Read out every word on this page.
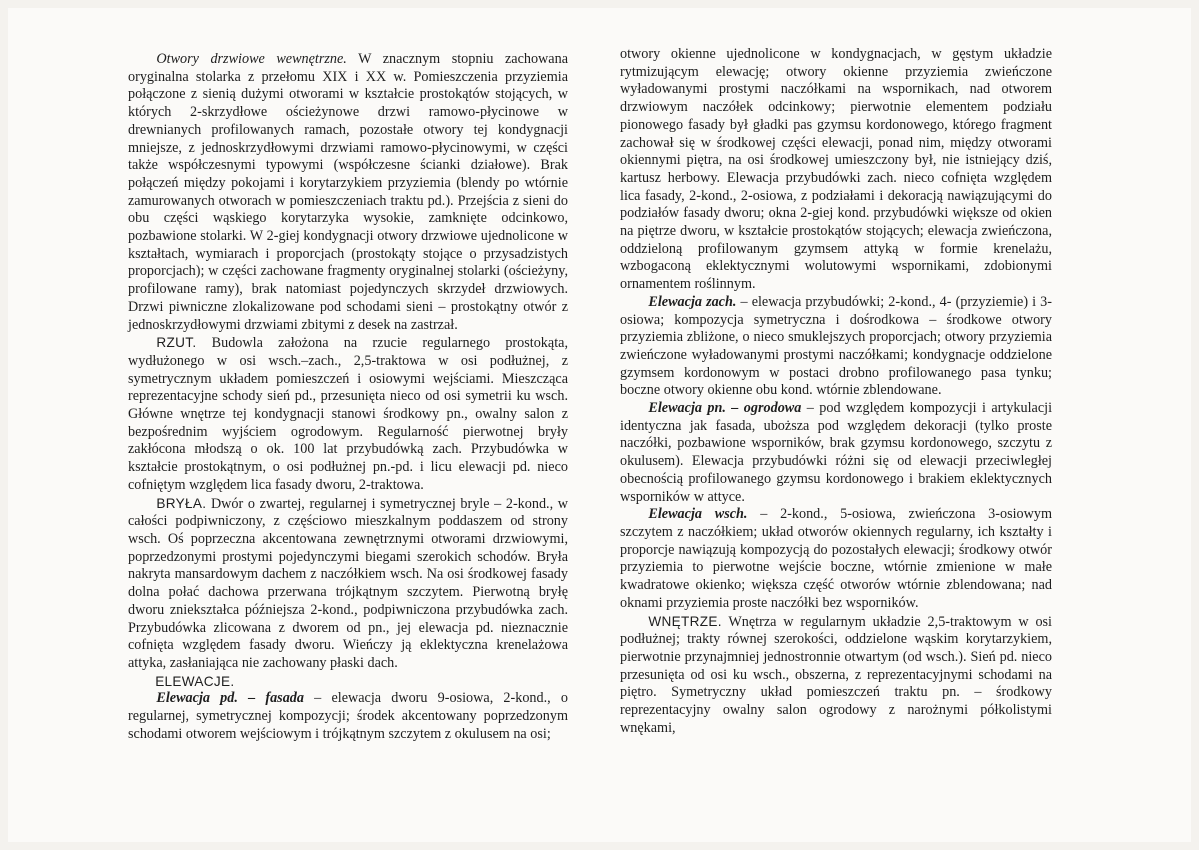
Otwory drzwiowe wewnętrzne. W znacznym stopniu zachowana oryginalna stolarka z przełomu XIX i XX w. Pomieszczenia przyziemia połączone z sienią dużymi otworami w kształcie prostokątów stojących, w których 2-skrzydłowe ościeżynowe drzwi ramowo-płycinowe w drewnianych profilowanych ramach, pozostałe otwory tej kondygnacji mniejsze, z jednoskrzydłowymi drzwiami ramowo-płycinowymi, w części także współczesnymi typowymi (współczesne ścianki działowe). Brak połączeń między pokojami i korytarzykiem przyziemia (blendy po wtórnie zamurowanych otworach w pomieszczeniach traktu pd.). Przejścia z sieni do obu części wąskiego korytarzyka wysokie, zamknięte odcinkowo, pozbawione stolarki. W 2-giej kondygnacji otwory drzwiowe ujednolicone w kształtach, wymiarach i proporcjach (prostokąty stojące o przysadzistych proporcjach); w części zachowane fragmenty oryginalnej stolarki (ościeżyny, profilowane ramy), brak natomiast pojedynczych skrzydeł drzwiowych. Drzwi piwniczne zlokalizowane pod schodami sieni – prostokątny otwór z jednoskrzydłowymi drzwiami zbitymi z desek na zastrzał.

RZUT. Budowla założona na rzucie regularnego prostokąta, wydłużonego w osi wsch.–zach., 2,5-traktowa w osi podłużnej, z symetrycznym układem pomieszczeń i osiowymi wejściami. Mieszcząca reprezentacyjne schody sień pd., przesunięta nieco od osi symetrii ku wsch. Główne wnętrze tej kondygnacji stanowi środkowy pn., owalny salon z bezpośrednim wyjściem ogrodowym. Regularność pierwotnej bryły zakłócona młodszą o ok. 100 lat przybudówką zach. Przybudówka w kształcie prostokątnym, o osi podłużnej pn.-pd. i licu elewacji pd. nieco cofniętym względem lica fasady dworu, 2-traktowa.

BRYŁA. Dwór o zwartej, regularnej i symetrycznej bryle – 2-kond., w całości podpiwniczony, z częściowo mieszkalnym poddaszem od strony wsch. Oś poprzeczna akcentowana zewnętrznymi otworami drzwiowymi, poprzedzonymi prostymi pojedynczymi biegami szerokich schodów. Bryła nakryta mansardowym dachem z naczółkiem wsch. Na osi środkowej fasady dolna połać dachowa przerwana trójkątnym szczytem. Pierwotną bryłę dworu zniekształca późniejsza 2-kond., podpiwniczona przybudówka zach. Przybudówka zlicowana z dworem od pn., jej elewacja pd. nieznacznie cofnięta względem fasady dworu. Wieńczy ją eklektyczna krenelażowa attyka, zasłaniająca nie zachowany płaski dach.

ELEWACJE.

Elewacja pd. – fasada – elewacja dworu 9-osiowa, 2-kond., o regularnej, symetrycznej kompozycji; środek akcentowany poprzedzonym schodami otworem wejściowym i trójkątnym szczytem z okulusem na osi;

otwory okienne ujednolicone w kondygnacjach, w gęstym układzie rytmizującym elewację; otwory okienne przyziemia zwieńczone wyładowanymi prostymi naczółkami na wspornikach, nad otworem drzwiowym naczółek odcinkowy; pierwotnie elementem podziału pionowego fasady był gładki pas gzymsu kordonowego, którego fragment zachował się w środkowej części elewacji, ponad nim, między otworami okiennymi piętra, na osi środkowej umieszczony był, nie istniejący dziś, kartusz herbowy. Elewacja przybudówki zach. nieco cofnięta względem lica fasady, 2-kond., 2-osiowa, z podziałami i dekoracją nawiązującymi do podziałów fasady dworu; okna 2-giej kond. przybudówki większe od okien na piętrze dworu, w kształcie prostokątów stojących; elewacja zwieńczona, oddzieloną profilowanym gzymsem attyką w formie krenelażu, wzbogaconą eklektycznymi wolutowymi wspornikami, zdobionymi ornamentem roślinnym.

Elewacja zach. – elewacja przybudówki; 2-kond., 4- (przyziemie) i 3-osiowa; kompozycja symetryczna i dośrodkowa – środkowe otwory przyziemia zbliżone, o nieco smuklejszych proporcjach; otwory przyziemia zwieńczone wyładowanymi prostymi naczółkami; kondygnacje oddzielone gzymsem kordonowym w postaci drobno profilowanego pasa tynku; boczne otwory okienne obu kond. wtórnie zblendowane.

Elewacja pn. – ogrodowa – pod względem kompozycji i artykulacji identyczna jak fasada, uboższa pod względem dekoracji (tylko proste naczółki, pozbawione wsporników, brak gzymsu kordonowego, szczytu z okulusem). Elewacja przybudówki różni się od elewacji przeciwległej obecnością profilowanego gzymsu kordonowego i brakiem eklektycznych wsporników w attyce.

Elewacja wsch. – 2-kond., 5-osiowa, zwieńczona 3-osiowym szczytem z naczółkiem; układ otworów okiennych regularny, ich kształty i proporcje nawiązują kompozycją do pozostałych elewacji; środkowy otwór przyziemia to pierwotne wejście boczne, wtórnie zmienione w małe kwadratowe okienko; większa część otworów wtórnie zblendowana; nad oknami przyziemia proste naczółki bez wsporników.

WNĘTRZE. Wnętrza w regularnym układzie 2,5-traktowym w osi podłużnej; trakty równej szerokości, oddzielone wąskim korytarzykiem, pierwotnie przynajmniej jednostronnie otwartym (od wsch.). Sień pd. nieco przesunięta od osi ku wsch., obszerna, z reprezentacyjnymi schodami na piętro. Symetryczny układ pomieszczeń traktu pn. – środkowy reprezentacyjny owalny salon ogrodowy z narożnymi półkolistymi wnękami,
